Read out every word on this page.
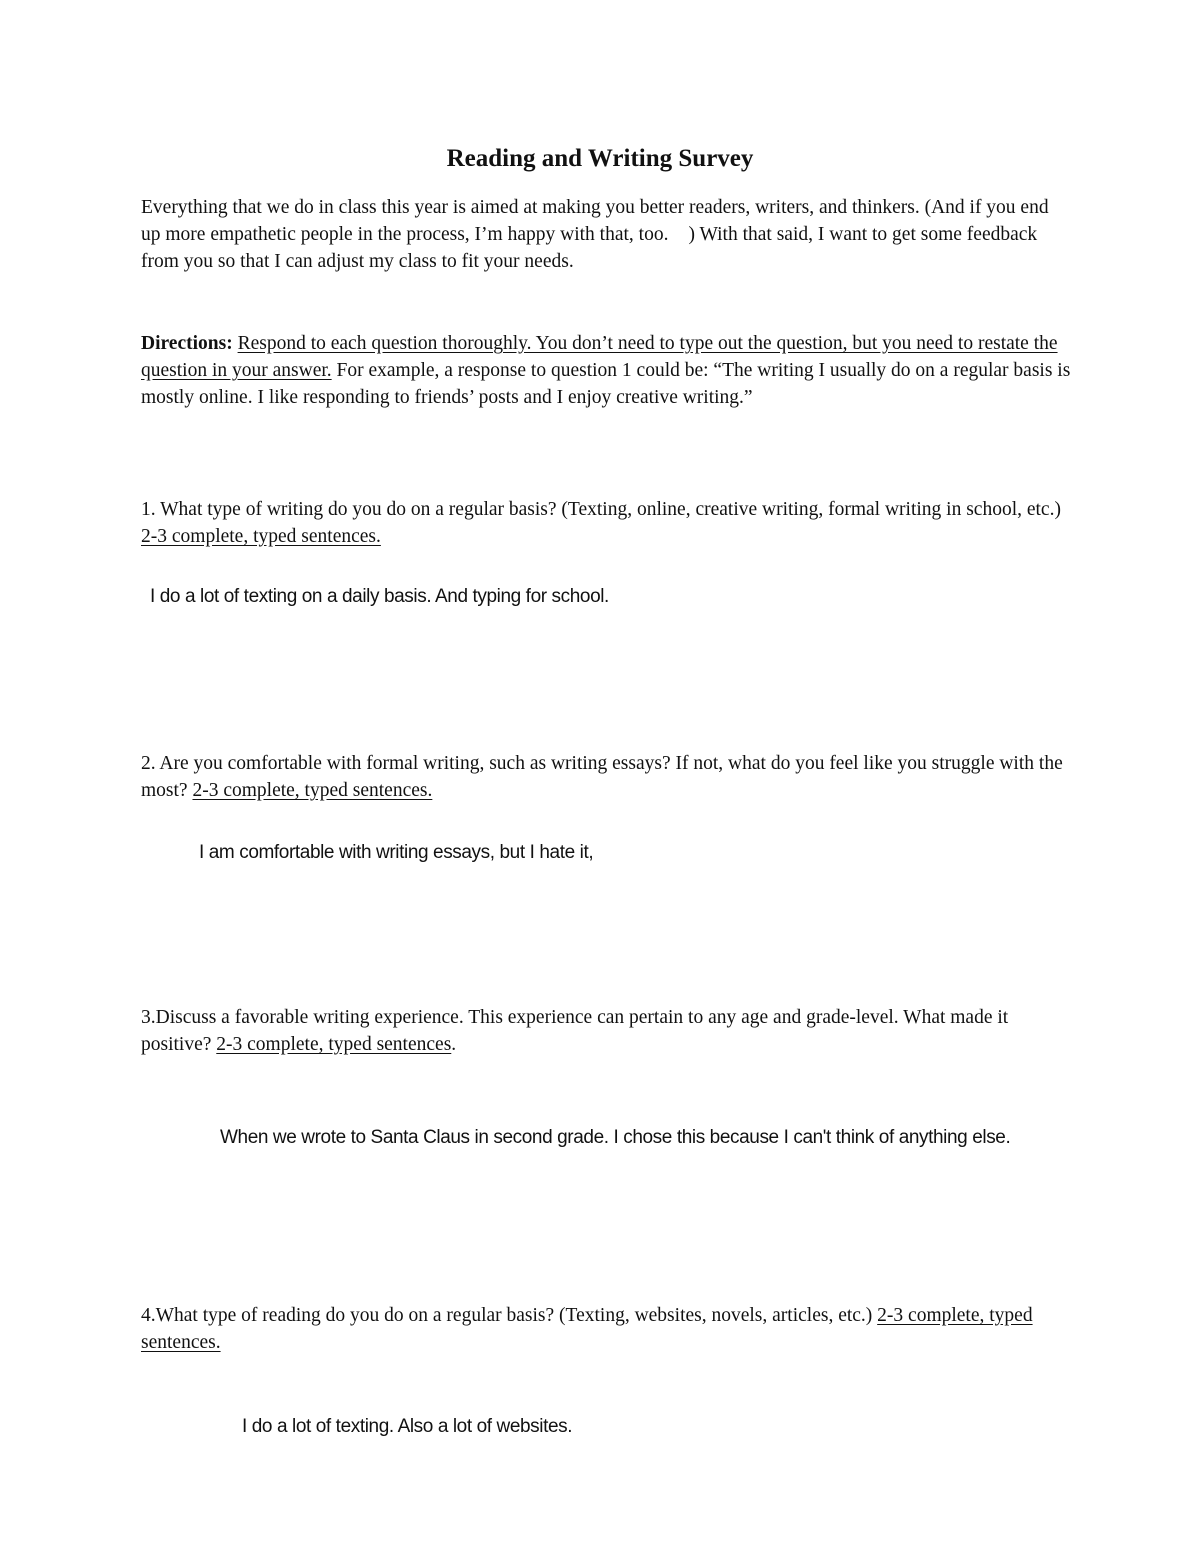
Reading and Writing Survey
Everything that we do in class this year is aimed at making you better readers, writers, and thinkers. (And if you end up more empathetic people in the process, I’m happy with that, too. ) With that said, I want to get some feedback from you so that I can adjust my class to fit your needs.
Directions: Respond to each question thoroughly. You don’t need to type out the question, but you need to restate the question in your answer. For example, a response to question 1 could be: “The writing I usually do on a regular basis is mostly online. I like responding to friends’ posts and I enjoy creative writing.”
1. What type of writing do you do on a regular basis? (Texting, online, creative writing, formal writing in school, etc.) 2-3 complete, typed sentences.
I do a lot of texting on a daily basis. And typing for school.
2. Are you comfortable with formal writing, such as writing essays? If not, what do you feel like you struggle with the most? 2-3 complete, typed sentences.
I am comfortable with writing essays, but I hate it,
3.Discuss a favorable writing experience. This experience can pertain to any age and grade-level. What made it positive? 2-3 complete, typed sentences.
When we wrote to Santa Claus in second grade. I chose this because I can't think of anything else.
4.What type of reading do you do on a regular basis? (Texting, websites, novels, articles, etc.) 2-3 complete, typed sentences.
I do a lot of texting. Also a lot of websites.
